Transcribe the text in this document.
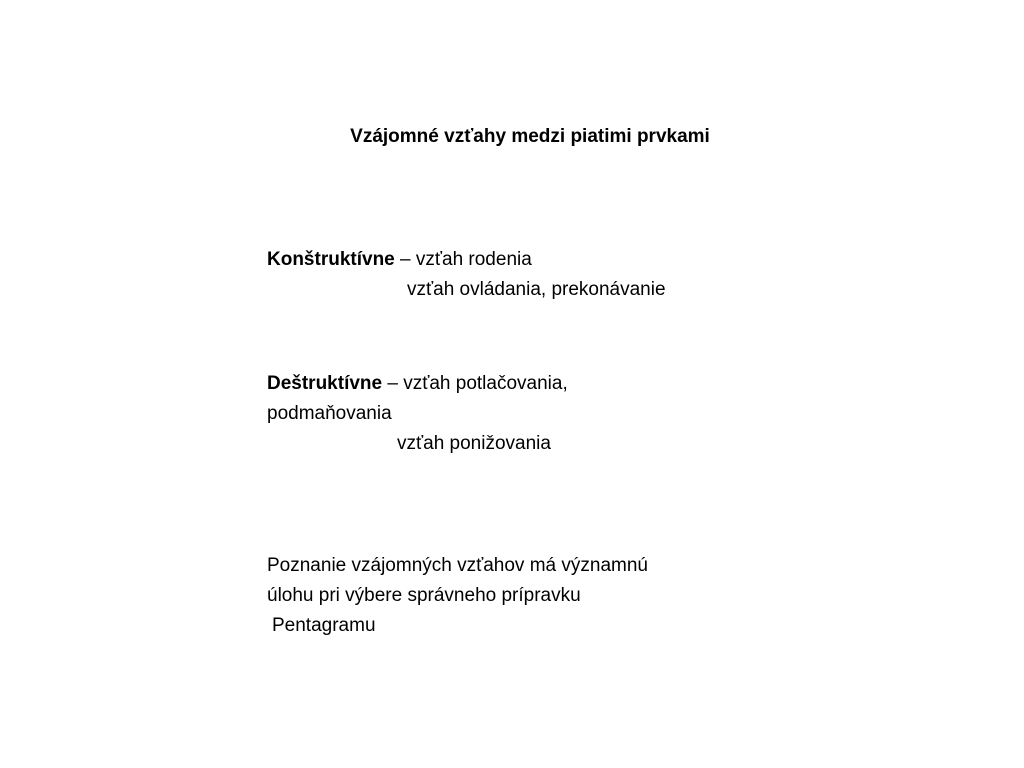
Vzájomné vzťahy medzi piatimi prvkami
Konštruktívne – vzťah rodenia
vzťah ovládania, prekonávanie
Deštruktívne – vzťah potlačovania,
podmaňovania
vzťah ponižovania
Poznanie vzájomných vzťahov má významnú
úlohu pri výbere správneho prípravku
Pentagramu
